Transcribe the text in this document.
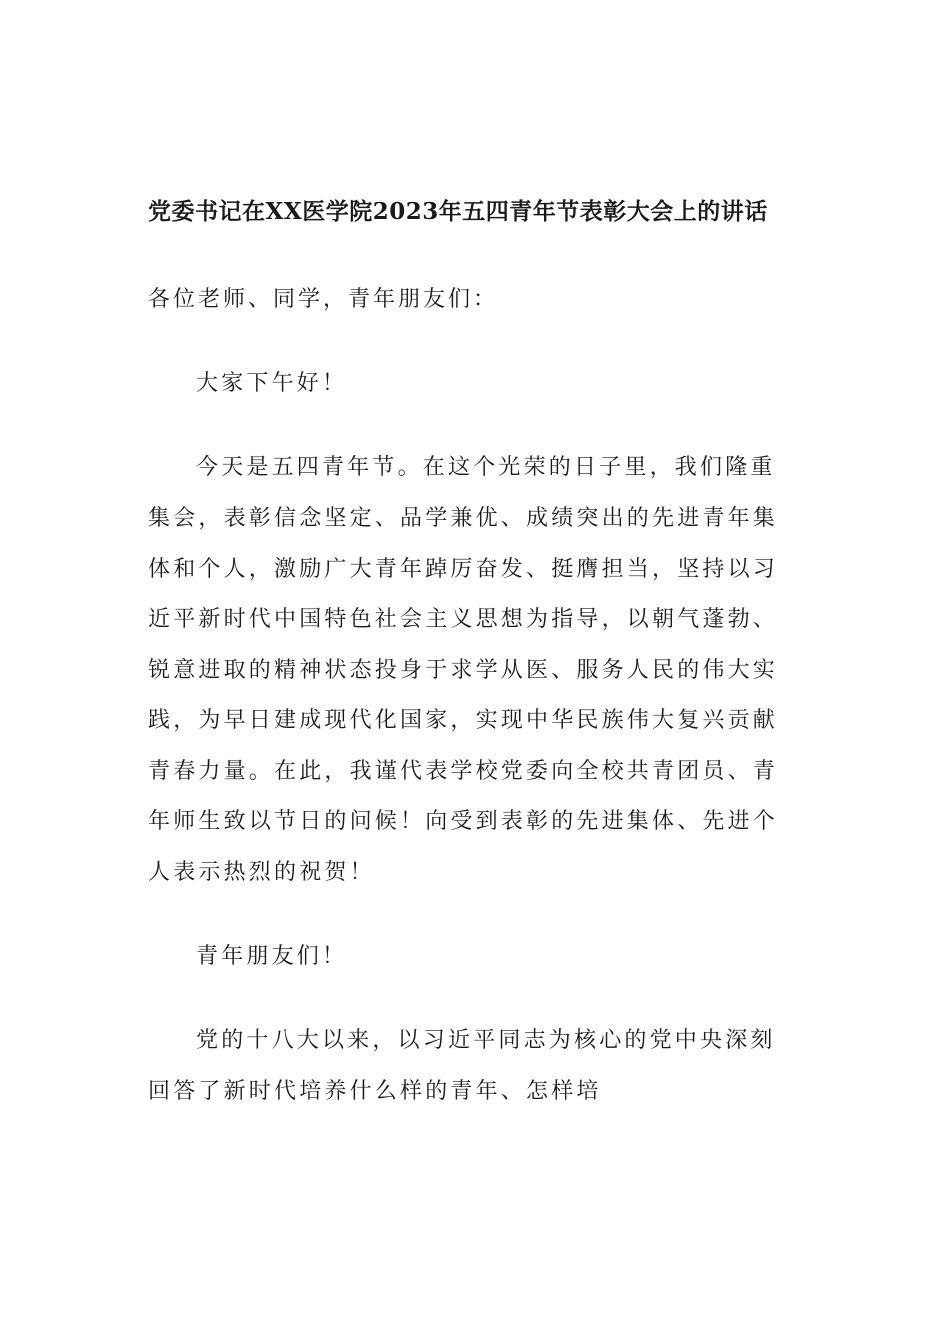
党委书记在XX医学院2023年五四青年节表彰大会上的讲话
各位老师、同学，青年朋友们：
大家下午好！
今天是五四青年节。在这个光荣的日子里，我们隆重
集会，表彰信念坚定、品学兼优、成绩突出的先进青年集
体和个人，激励广大青年踔厉奋发、挺膺担当，坚持以习
近平新时代中国特色社会主义思想为指导，以朝气蓬勃、
锐意进取的精神状态投身于求学从医、服务人民的伟大实
践，为早日建成现代化国家，实现中华民族伟大复兴贡献
青春力量。在此，我谨代表学校党委向全校共青团员、青
年师生致以节日的问候！向受到表彰的先进集体、先进个
人表示热烈的祝贺！
青年朋友们！
党的十八大以来，以习近平同志为核心的党中央深刻
回答了新时代培养什么样的青年、怎样培
